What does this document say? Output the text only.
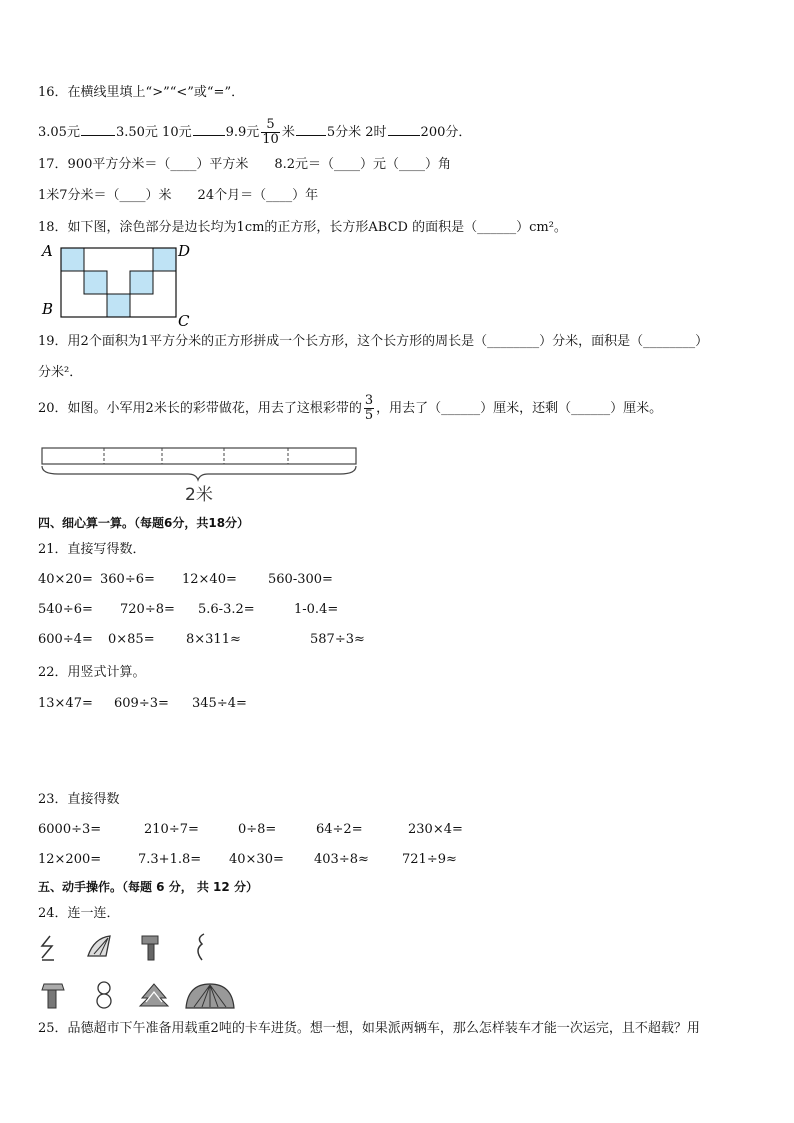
16．在横线里填上“>”“<”或“=”．
3.05元	3.50元 10元	9.9元 $\frac{5}{10}$ 米 5分米 2时	200分．
17．900平方分米＝（____）平方米　　8.2元＝（____）元（____）角
1米7分米＝（____）米　　24个月＝（____）年
18．如下图，涂色部分是边长均为1cm的正方形，长方形ABCD 的面积是（______）cm²。
A
B
D
C
19．用2个面积为1平方分米的正方形拼成一个长方形，这个长方形的周长是（________）分米，面积是（________）
分米²．
20．如图。小军用2米长的彩带做花，用去了这根彩带的 $\frac{3}{5}$ ，用去了（______）厘米，还剩（______）厘米。
2米
四、细心算一算。（每题6分，共18分）
21．直接写得数．
40×20= 360÷6= 12×40= 560-300=
540÷6= 720÷8= 5.6-3.2=	1-0.4=
600÷4= 0×85= 8×311≈	587÷3≈
22．用竖式计算。
13×47= 609÷3= 345÷4=
23．直接得数
6000÷3=	210÷7=	0÷8=	64÷2=	230×4=
12×200=	7.3+1.8= 40×30= 403÷8≈	721÷9≈
五、动手操作。（每题 6 分， 共 12 分）
24．连一连．
25．品德超市下午准备用载重2吨的卡车进货。想一想，如果派两辆车，那么怎样装车才能一次运完，且不超载？用
